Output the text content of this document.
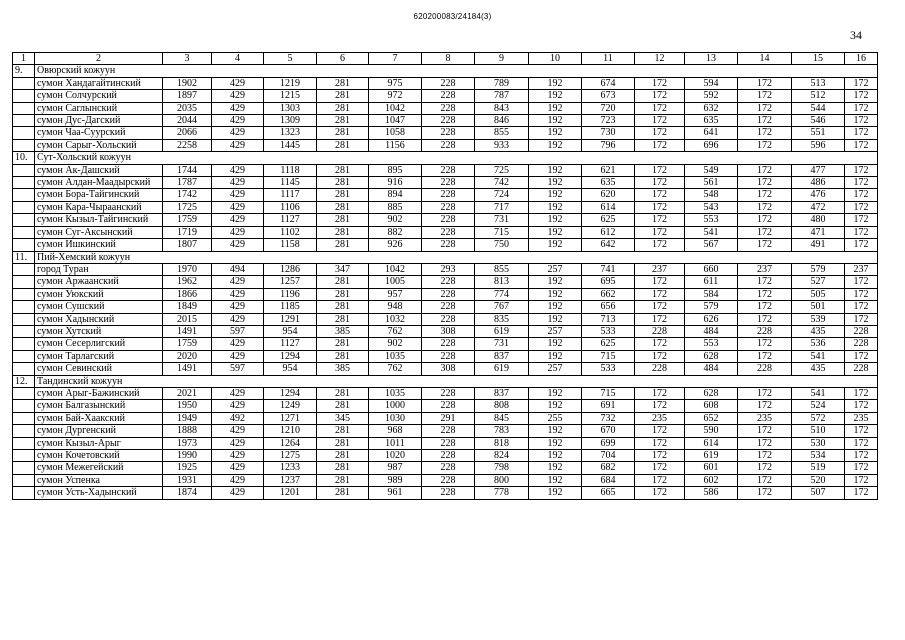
620200083/24184(3)
34
1	2	3	4	5	6	7	8	9	10	11	12	13	14	15	16
9.	Овюрский кожуун														
	сумон Хандагайтинский	1902	429	1219	281	975	228	789	192	674	172	594	172	513	172
	сумон Солчурский	1897	429	1215	281	972	228	787	192	673	172	592	172	512	172
	сумон Саглынский	2035	429	1303	281	1042	228	843	192	720	172	632	172	544	172
	сумон Дус-Дагский	2044	429	1309	281	1047	228	846	192	723	172	635	172	546	172
	сумон Чаа-Суурский	2066	429	1323	281	1058	228	855	192	730	172	641	172	551	172
	сумон Сарыг-Хольский	2258	429	1445	281	1156	228	933	192	796	172	696	172	596	172
10.	Сут-Хольский кожуун														
	сумон Ак-Дашский	1744	429	1118	281	895	228	725	192	621	172	549	172	477	172
	сумон Алдан-Маадырский	1787	429	1145	281	916	228	742	192	635	172	561	172	486	172
	сумон Бора-Тайгинский	1742	429	1117	281	894	228	724	192	620	172	548	172	476	172
	сумон Кара-Чыраанский	1725	429	1106	281	885	228	717	192	614	172	543	172	472	172
	сумон Кызыл-Тайгинский	1759	429	1127	281	902	228	731	192	625	172	553	172	480	172
	сумон Суг-Аксынский	1719	429	1102	281	882	228	715	192	612	172	541	172	471	172
	сумон Ишкинский	1807	429	1158	281	926	228	750	192	642	172	567	172	491	172
11.	Пий-Хемский кожуун														
	город Туран	1970	494	1286	347	1042	293	855	257	741	237	660	237	579	237
	сумон Аржаанский	1962	429	1257	281	1005	228	813	192	695	172	611	172	527	172
	сумон Уюкский	1866	429	1196	281	957	228	774	192	662	172	584	172	505	172
	сумон Сушский	1849	429	1185	281	948	228	767	192	656	172	579	172	501	172
	сумон Хадынский	2015	429	1291	281	1032	228	835	192	713	172	626	172	539	172
	сумон Хутский	1491	597	954	385	762	308	619	257	533	228	484	228	435	228
	сумон Сесерлигский	1759	429	1127	281	902	228	731	192	625	172	553	172	536	228
	сумон Тарлагский	2020	429	1294	281	1035	228	837	192	715	172	628	172	541	172
	сумон Севинский	1491	597	954	385	762	308	619	257	533	228	484	228	435	228
12.	Тандинский кожуун														
	сумон Арыг-Бажинский	2021	429	1294	281	1035	228	837	192	715	172	628	172	541	172
	сумон Балгазынский	1950	429	1249	281	1000	228	808	192	691	172	608	172	524	172
	сумон Бай-Хаакский	1949	492	1271	345	1030	291	845	255	732	235	652	235	572	235
	сумон Дургенский	1888	429	1210	281	968	228	783	192	670	172	590	172	510	172
	сумон Кызыл-Арыг	1973	429	1264	281	1011	228	818	192	699	172	614	172	530	172
	сумон Кочетовский	1990	429	1275	281	1020	228	824	192	704	172	619	172	534	172
	сумон Межегейский	1925	429	1233	281	987	228	798	192	682	172	601	172	519	172
	сумон Успенка	1931	429	1237	281	989	228	800	192	684	172	602	172	520	172
	сумон Усть-Хадынский	1874	429	1201	281	961	228	778	192	665	172	586	172	507	172
